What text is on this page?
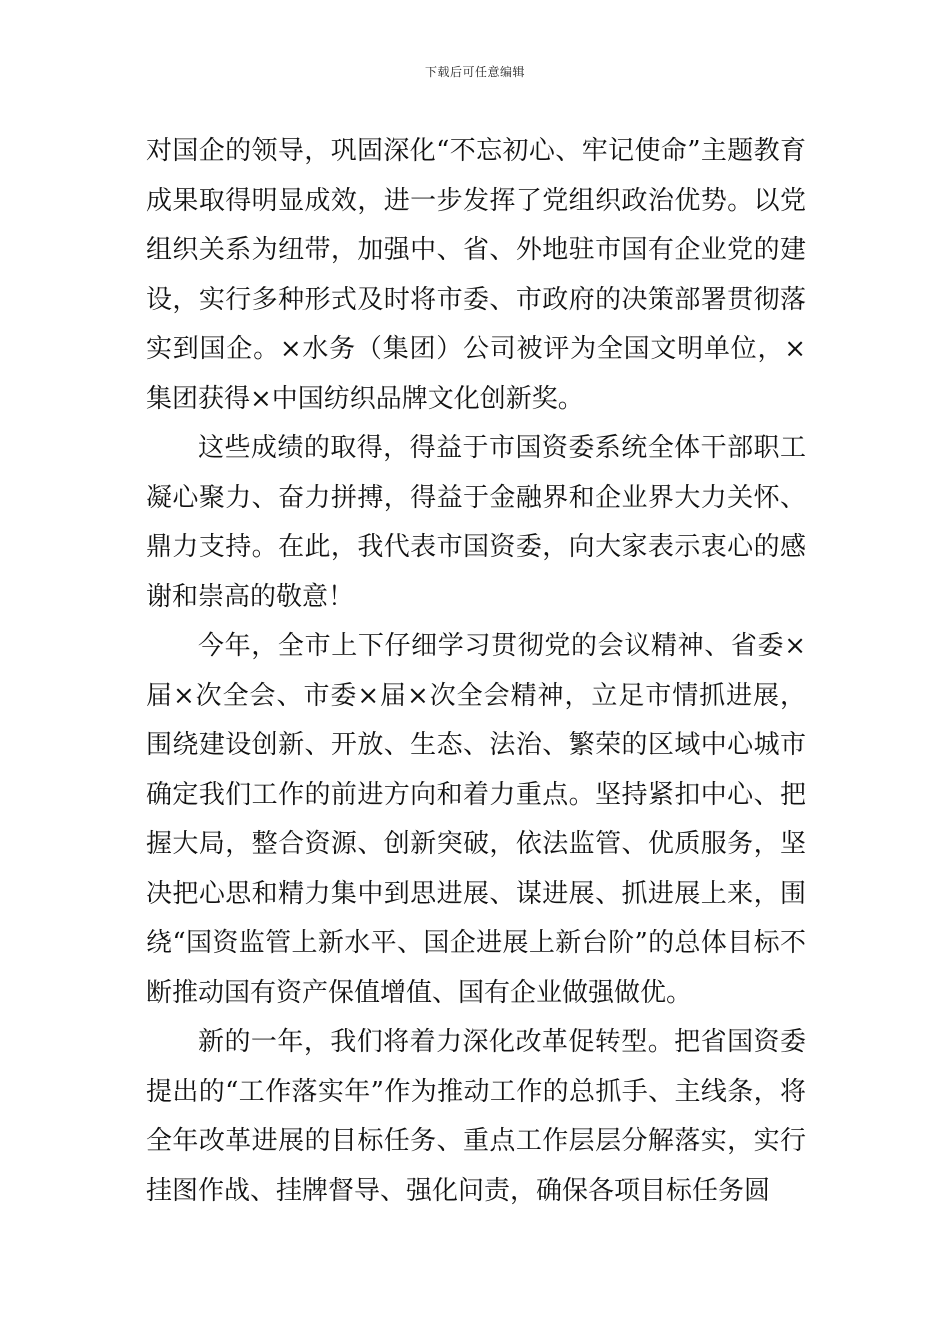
下载后可任意编辑

对国企的领导，巩固深化“不忘初心、牢记使命”主题教育成果取得明显成效，进一步发挥了党组织政治优势。以党组织关系为纽带，加强中、省、外地驻市国有企业党的建设，实行多种形式及时将市委、市政府的决策部署贯彻落实到国企。×水务（集团）公司被评为全国文明单位，×集团获得×中国纺织品牌文化创新奖。

这些成绩的取得，得益于市国资委系统全体干部职工凝心聚力、奋力拼搏，得益于金融界和企业界大力关怀、鼎力支持。在此，我代表市国资委，向大家表示衷心的感谢和崇高的敬意！

今年，全市上下仔细学习贯彻党的会议精神、省委×届×次全会、市委×届×次全会精神，立足市情抓进展，围绕建设创新、开放、生态、法治、繁荣的区域中心城市确定我们工作的前进方向和着力重点。坚持紧扣中心、把握大局，整合资源、创新突破，依法监管、优质服务，坚决把心思和精力集中到思进展、谋进展、抓进展上来，围绕“国资监管上新水平、国企进展上新台阶”的总体目标不断推动国有资产保值增值、国有企业做强做优。

新的一年，我们将着力深化改革促转型。把省国资委提出的“工作落实年”作为推动工作的总抓手、主线条，将全年改革进展的目标任务、重点工作层层分解落实，实行挂图作战、挂牌督导、强化问责，确保各项目标任务圆
